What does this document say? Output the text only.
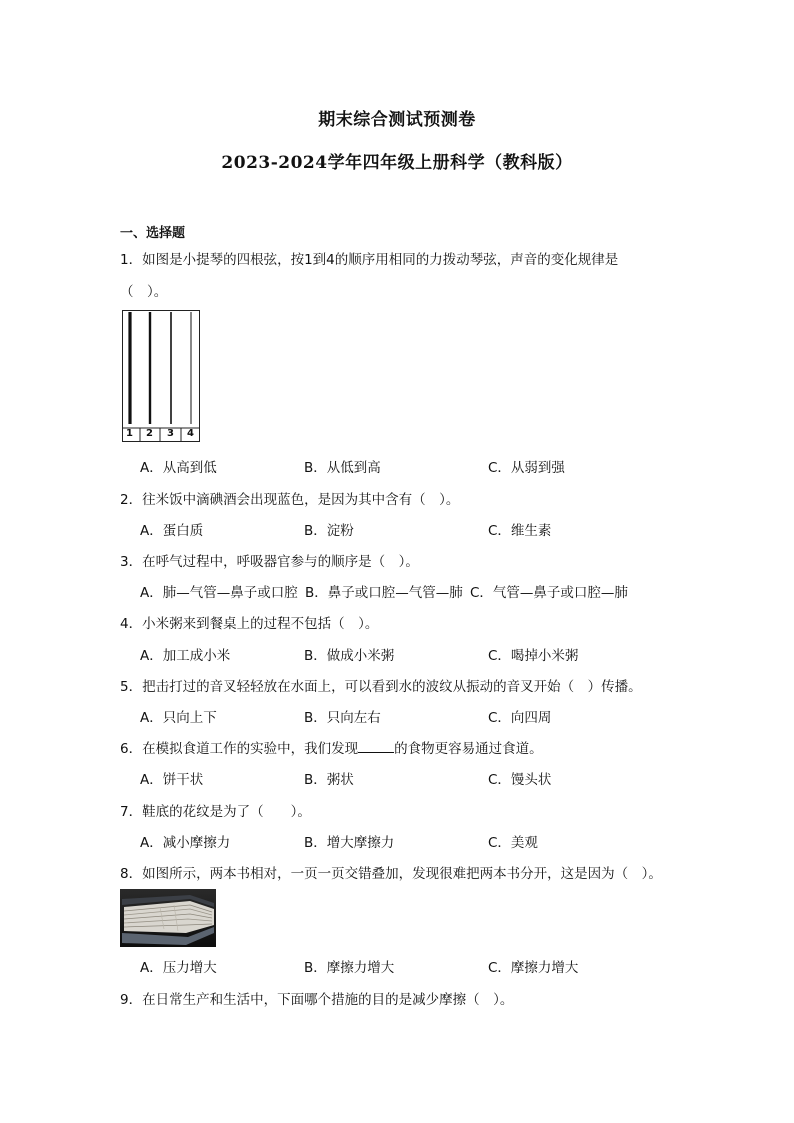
期末综合测试预测卷
2023-2024学年四年级上册科学（教科版）
一、选择题
1．如图是小提琴的四根弦，按1到4的顺序用相同的力拨动琴弦，声音的变化规律是
（　）。
1 2 3 4
A．从高到低	B．从低到高	C．从弱到强
2．往米饭中滴碘酒会出现蓝色，是因为其中含有（　）。
A．蛋白质	B．淀粉	C．维生素
3．在呼气过程中，呼吸器官参与的顺序是（　）。
A．肺—气管—鼻子或口腔 B．鼻子或口腔—气管—肺 C．气管—鼻子或口腔—肺
4．小米粥来到餐桌上的过程不包括（　）。
A．加工成小米	B．做成小米粥	C．喝掉小米粥
5．把击打过的音叉轻轻放在水面上，可以看到水的波纹从振动的音叉开始（　）传播。
A．只向上下	B．只向左右	C．向四周
6．在模拟食道工作的实验中，我们发现	的食物更容易通过食道。
A．饼干状	B．粥状	C．馒头状
7．鞋底的花纹是为了（　　）。
A．减小摩擦力	B．增大摩擦力	C．美观
8．如图所示，两本书相对，一页一页交错叠加，发现很难把两本书分开，这是因为（　）。
A．压力增大	B．摩擦力增大	C．摩擦力增大
9．在日常生产和生活中，下面哪个措施的目的是减少摩擦（　）。
